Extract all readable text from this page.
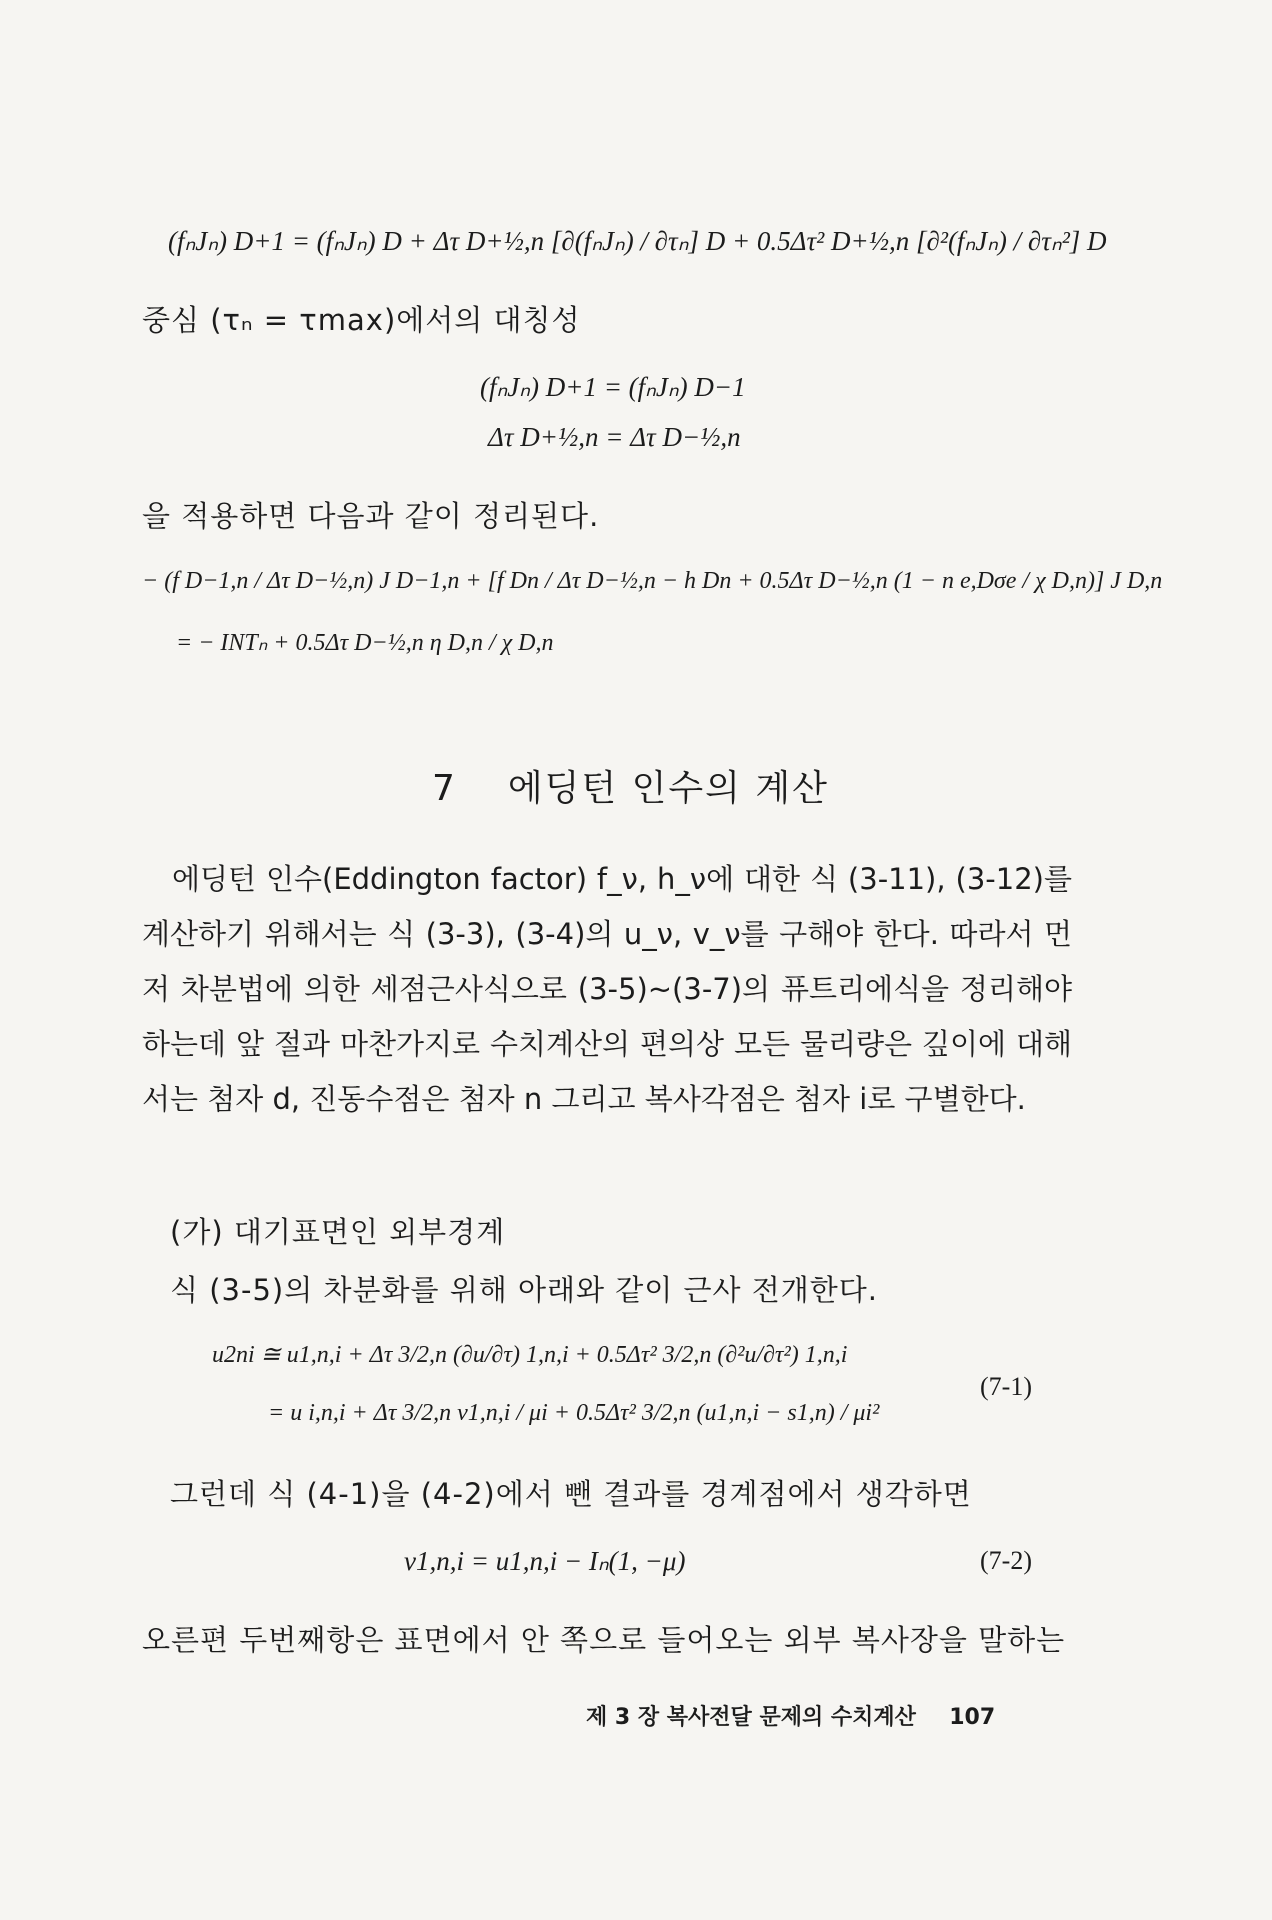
(fₙJₙ) D+1 = (fₙJₙ) D + Δτ D+½,n [∂(fₙJₙ) / ∂τₙ] D + 0.5Δτ² D+½,n [∂²(fₙJₙ) / ∂τₙ²] D
중심 (τₙ = τmax)에서의 대칭성
(fₙJₙ) D+1 = (fₙJₙ) D−1
Δτ D+½,n = Δτ D−½,n
을 적용하면 다음과 같이 정리된다.
− (f D−1,n / Δτ D−½,n) J D−1,n + [f Dn / Δτ D−½,n − h Dn + 0.5Δτ D−½,n (1 − n e,Dσe / χ D,n)] J D,n
= − INTₙ + 0.5Δτ D−½,n η D,n / χ D,n
7 에딩턴 인수의 계산
에딩턴 인수(Eddington factor) f_ν, h_ν에 대한 식 (3-11), (3-12)를 계산하기 위해서는 식 (3-3), (3-4)의 u_ν, v_ν를 구해야 한다. 따라서 먼저 차분법에 의한 세점근사식으로 (3-5)~(3-7)의 퓨트리에식을 정리해야 하는데 앞 절과 마찬가지로 수치계산의 편의상 모든 물리량은 깊이에 대해서는 첨자 d, 진동수점은 첨자 n 그리고 복사각점은 첨자 i로 구별한다.
(가) 대기표면인 외부경계
식 (3-5)의 차분화를 위해 아래와 같이 근사 전개한다.
u2ni ≅ u1,n,i + Δτ 3/2,n (∂u/∂τ) 1,n,i + 0.5Δτ² 3/2,n (∂²u/∂τ²) 1,n,i
= u i,n,i + Δτ 3/2,n v1,n,i / μi + 0.5Δτ² 3/2,n (u1,n,i − s1,n) / μi²
(7-1)
그런데 식 (4-1)을 (4-2)에서 뺀 결과를 경계점에서 생각하면
v1,n,i = u1,n,i − Iₙ(1, −μ)	(7-2)
오른편 두번째항은 표면에서 안 쪽으로 들어오는 외부 복사장을 말하는
제 3 장 복사전달 문제의 수치계산 107
